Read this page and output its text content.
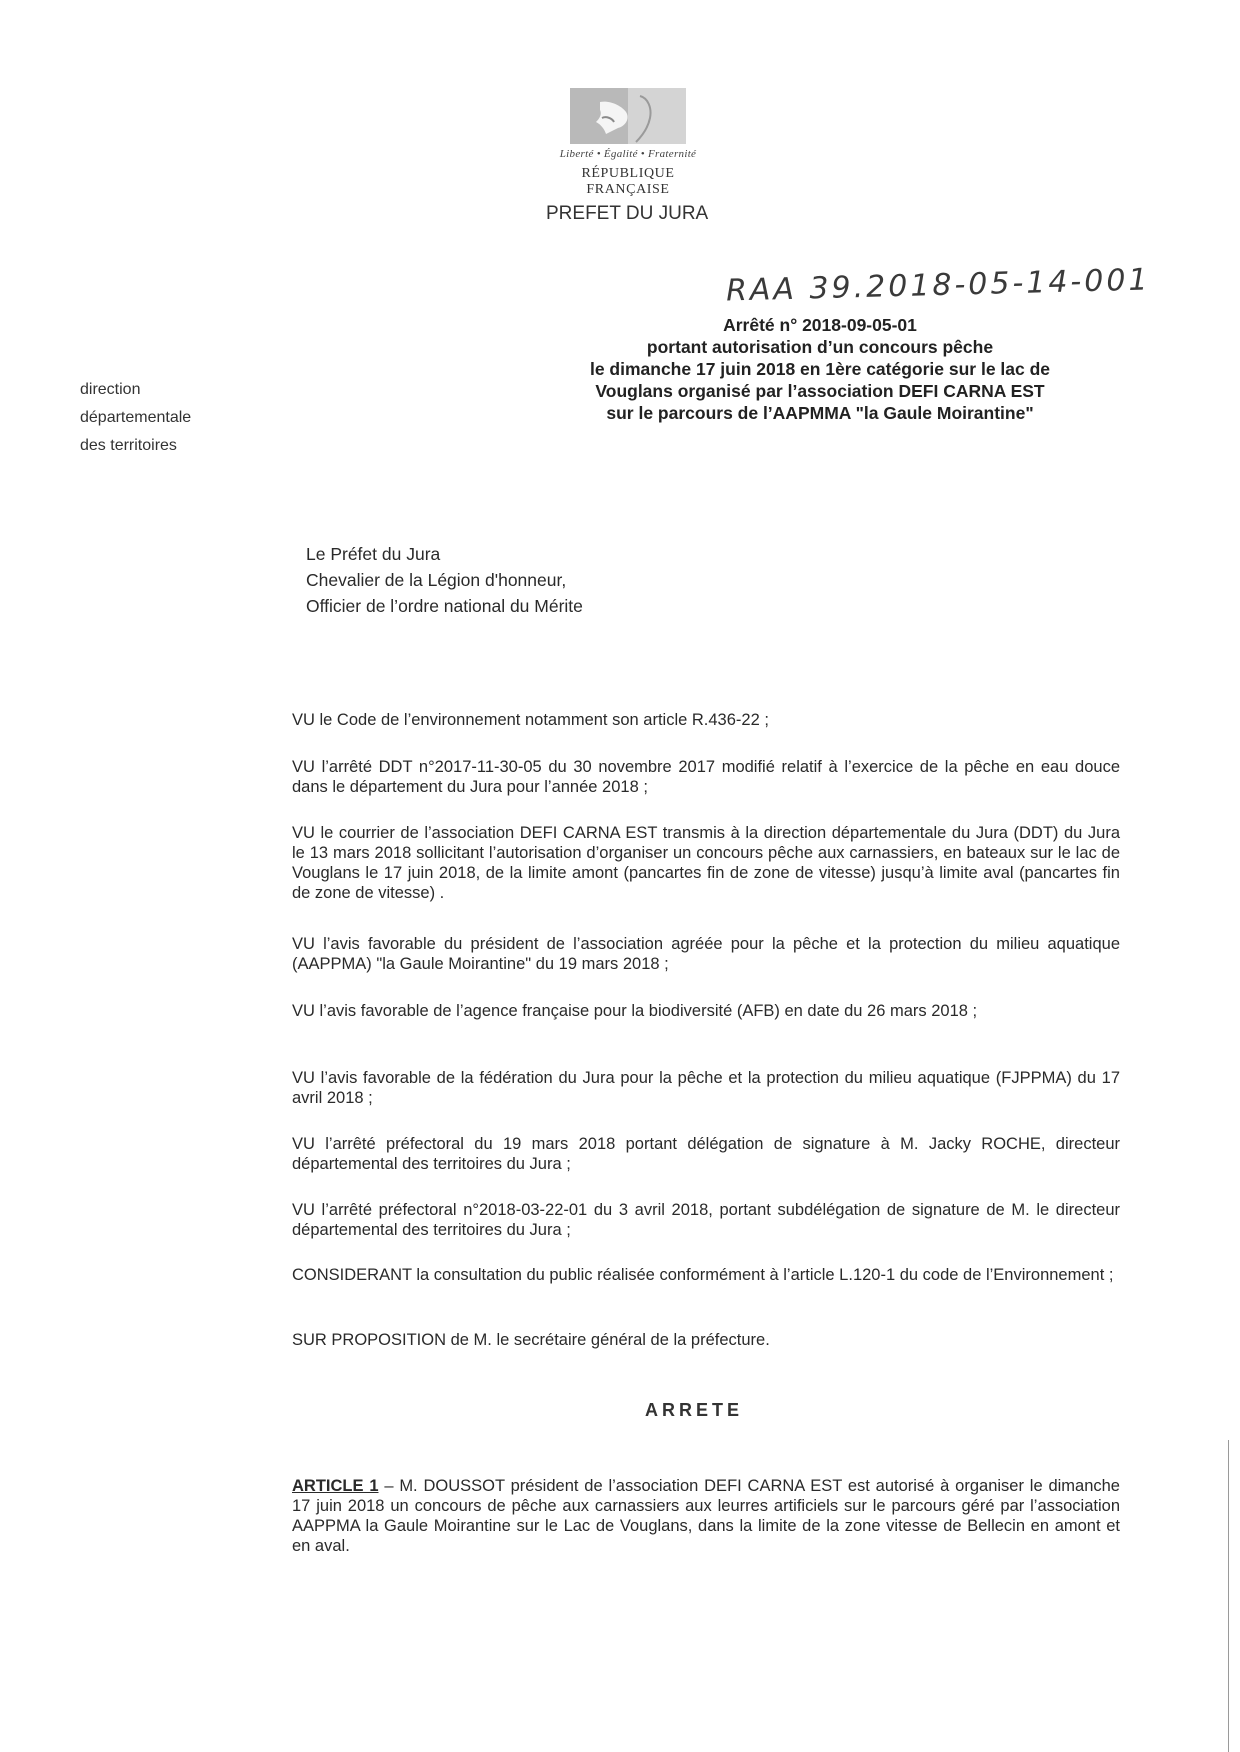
Liberté • Égalité • Fraternité
RÉPUBLIQUE FRANÇAISE
PREFET DU JURA
RAA 39.2018-05-14-001
Arrêté n° 2018-09-05-01
portant autorisation d’un concours pêche
le dimanche 17 juin 2018 en 1ère catégorie sur le lac de
Vouglans organisé par l’association DEFI CARNA EST
sur le parcours de l’AAPMMA "la Gaule Moirantine"
direction
départementale
des territoires
Le Préfet du Jura
Chevalier de la Légion d'honneur,
Officier de l’ordre national du Mérite

VU le Code de l’environnement notamment son article R.436-22 ;

VU l’arrêté DDT n°2017-11-30-05 du 30 novembre 2017 modifié relatif à l’exercice de la pêche en eau douce dans le département du Jura pour l’année 2018 ;

VU le courrier de l’association DEFI CARNA EST transmis à la direction départementale du Jura (DDT) du Jura le 13 mars 2018 sollicitant l’autorisation d’organiser un concours pêche aux carnassiers, en bateaux sur le lac de Vouglans le 17 juin 2018, de la limite amont (pancartes fin de zone de vitesse) jusqu’à limite aval (pancartes fin de zone de vitesse) .

VU l’avis favorable du président de l’association agréée pour la pêche et la protection du milieu aquatique (AAPPMA) "la Gaule Moirantine" du 19 mars 2018 ;

VU l’avis favorable de l’agence française pour la biodiversité (AFB) en date du 26 mars 2018 ;

VU l’avis favorable de la fédération du Jura pour la pêche et la protection du milieu aquatique (FJPPMA) du 17 avril 2018 ;

VU l’arrêté préfectoral du 19 mars 2018 portant délégation de signature à M. Jacky ROCHE, directeur départemental des territoires du Jura ;

VU l’arrêté préfectoral n°2018-03-22-01 du 3 avril 2018, portant subdélégation de signature de M. le directeur départemental des territoires du Jura ;

CONSIDERANT la consultation du public réalisée conformément à l’article L.120-1 du code de l’Environnement ;

SUR PROPOSITION de M. le secrétaire général de la préfecture.

ARRETE

ARTICLE 1 – M. DOUSSOT président de l’association DEFI CARNA EST est autorisé à organiser le dimanche 17 juin 2018 un concours de pêche aux carnassiers aux leurres artificiels sur le parcours géré par l’association AAPPMA la Gaule Moirantine sur le Lac de Vouglans, dans la limite de la zone vitesse de Bellecin en amont et en aval.
